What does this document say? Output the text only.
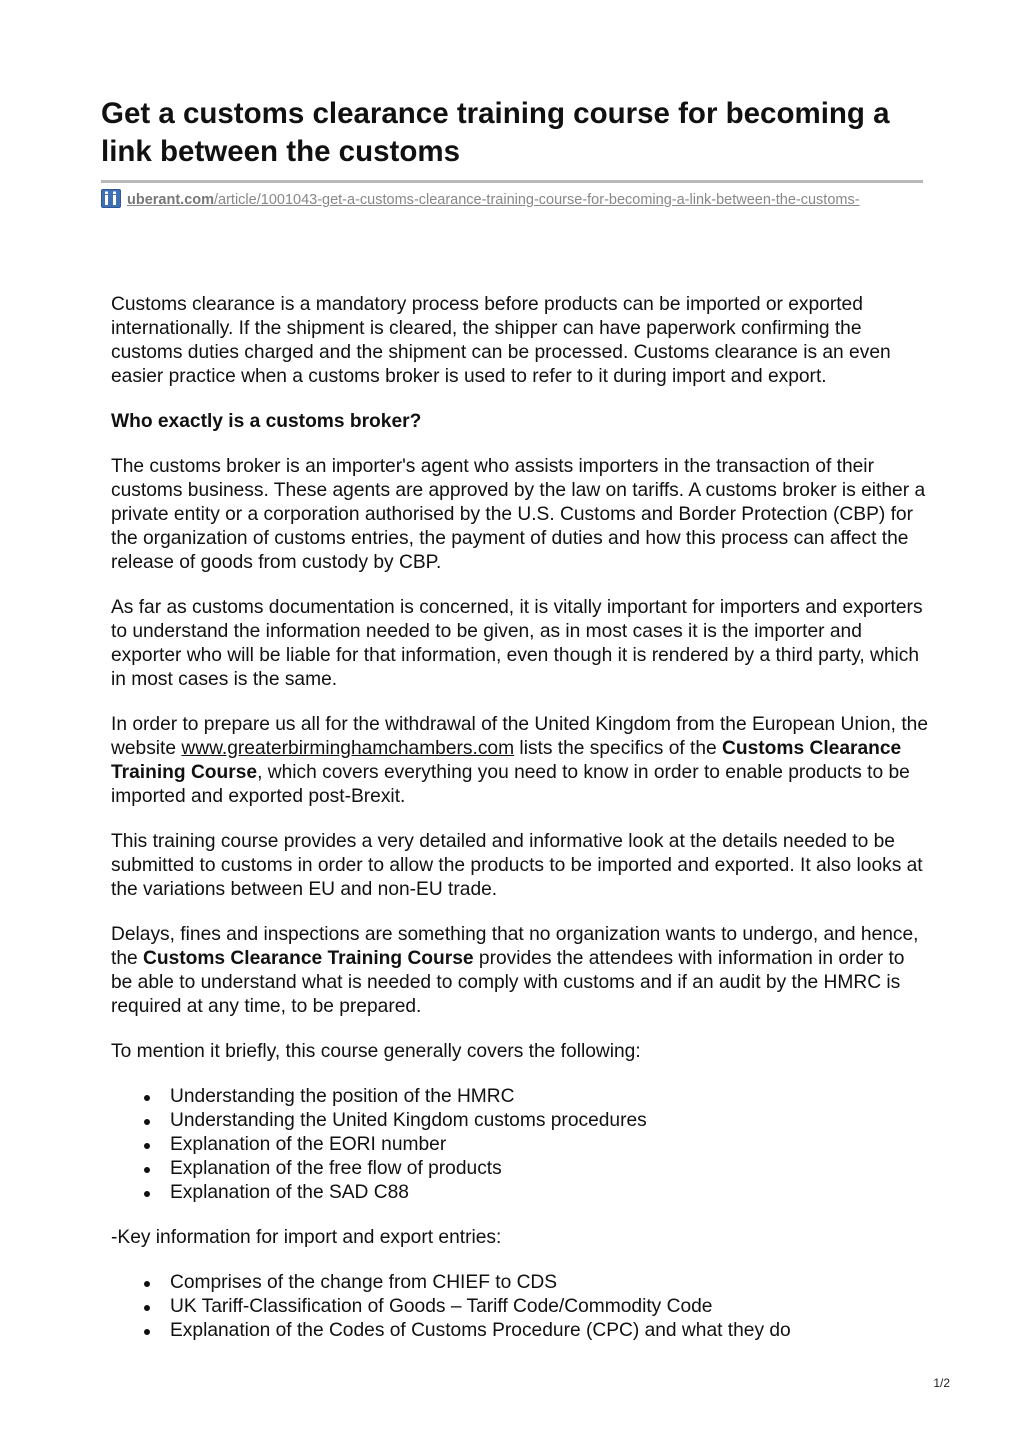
Get a customs clearance training course for becoming a link between the customs
uberant.com/article/1001043-get-a-customs-clearance-training-course-for-becoming-a-link-between-the-customs-

Customs clearance is a mandatory process before products can be imported or exported internationally. If the shipment is cleared, the shipper can have paperwork confirming the customs duties charged and the shipment can be processed. Customs clearance is an even easier practice when a customs broker is used to refer to it during import and export.

Who exactly is a customs broker?

The customs broker is an importer's agent who assists importers in the transaction of their customs business. These agents are approved by the law on tariffs. A customs broker is either a private entity or a corporation authorised by the U.S. Customs and Border Protection (CBP) for the organization of customs entries, the payment of duties and how this process can affect the release of goods from custody by CBP.

As far as customs documentation is concerned, it is vitally important for importers and exporters to understand the information needed to be given, as in most cases it is the importer and exporter who will be liable for that information, even though it is rendered by a third party, which in most cases is the same.

In order to prepare us all for the withdrawal of the United Kingdom from the European Union, the website www.greaterbirminghamchambers.com lists the specifics of the Customs Clearance Training Course, which covers everything you need to know in order to enable products to be imported and exported post-Brexit.

This training course provides a very detailed and informative look at the details needed to be submitted to customs in order to allow the products to be imported and exported. It also looks at the variations between EU and non-EU trade.

Delays, fines and inspections are something that no organization wants to undergo, and hence, the Customs Clearance Training Course provides the attendees with information in order to be able to understand what is needed to comply with customs and if an audit by the HMRC is required at any time, to be prepared.

To mention it briefly, this course generally covers the following:

Understanding the position of the HMRC
Understanding the United Kingdom customs procedures
Explanation of the EORI number
Explanation of the free flow of products
Explanation of the SAD C88

-Key information for import and export entries:

Comprises of the change from CHIEF to CDS
UK Tariff-Classification of Goods – Tariff Code/Commodity Code
Explanation of the Codes of Customs Procedure (CPC) and what they do
1/2
